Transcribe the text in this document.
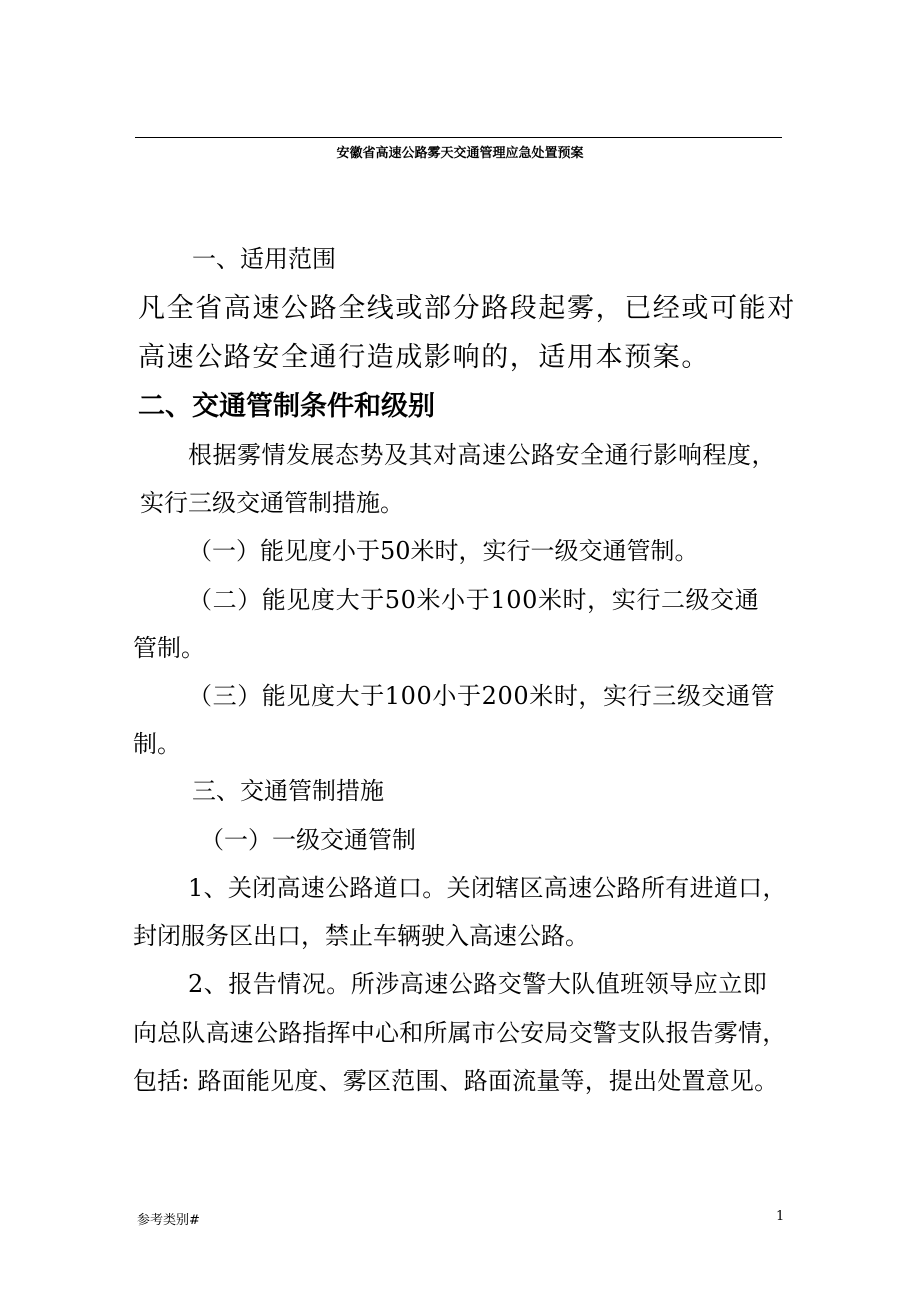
安徽省高速公路雾天交通管理应急处置预案
一、适用范围
凡全省高速公路全线或部分路段起雾，已经或可能对
高速公路安全通行造成影响的，适用本预案。
二、交通管制条件和级别
根据雾情发展态势及其对高速公路安全通行影响程度，
实行三级交通管制措施。
（一）能见度小于50米时，实行一级交通管制。
（二）能见度大于50米小于100米时，实行二级交通
管制。
（三）能见度大于100小于200米时，实行三级交通管
制。
三、交通管制措施
（一）一级交通管制
1、关闭高速公路道口。关闭辖区高速公路所有进道口，
封闭服务区出口，禁止车辆驶入高速公路。
2、报告情况。所涉高速公路交警大队值班领导应立即
向总队高速公路指挥中心和所属市公安局交警支队报告雾情，
包括: 路面能见度、雾区范围、路面流量等，提出处置意见。
参考类别#	1
